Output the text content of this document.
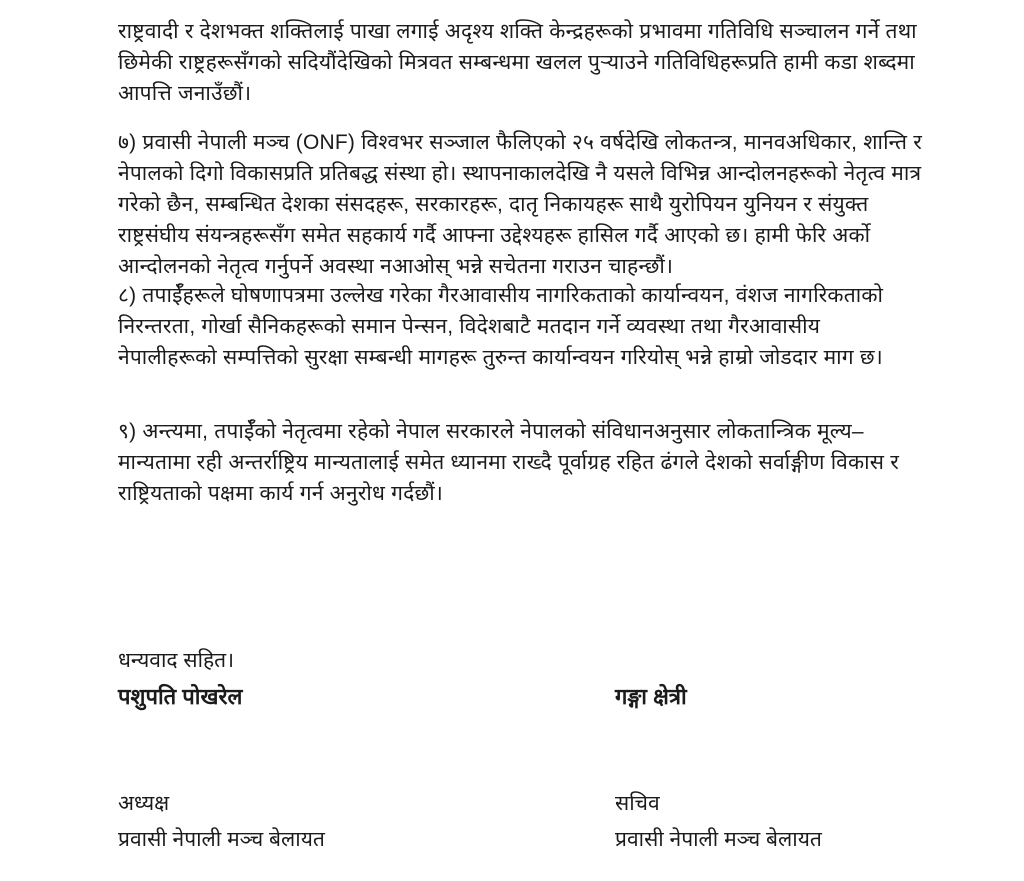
राष्ट्रवादी र देशभक्त शक्तिलाई पाखा लगाई अदृश्य शक्ति केन्द्रहरूको प्रभावमा गतिविधि सञ्चालन गर्ने तथा छिमेकी राष्ट्रहरूसँगको सदियौंदेखिको मित्रवत सम्बन्धमा खलल पुऱ्याउने गतिविधिहरूप्रति हामी कडा शब्दमा आपत्ति जनाउँछौं।

७) प्रवासी नेपाली मञ्च (ONF) विश्वभर सञ्जाल फैलिएको २५ वर्षदेखि लोकतन्त्र, मानवअधिकार, शान्ति र नेपालको दिगो विकासप्रति प्रतिबद्ध संस्था हो। स्थापनाकालदेखि नै यसले विभिन्न आन्दोलनहरूको नेतृत्व मात्र गरेको छैन, सम्बन्धित देशका संसदहरू, सरकारहरू, दातृ निकायहरू साथै युरोपियन युनियन र संयुक्त राष्ट्रसंघीय संयन्त्रहरूसँग समेत सहकार्य गर्दै आफ्ना उद्देश्यहरू हासिल गर्दै आएको छ। हामी फेरि अर्को आन्दोलनको नेतृत्व गर्नुपर्ने अवस्था नआओस् भन्ने सचेतना गराउन चाहन्छौं।

८) तपाईँहरूले घोषणापत्रमा उल्लेख गरेका गैरआवासीय नागरिकताको कार्यान्वयन, वंशज नागरिकताको निरन्तरता, गोर्खा सैनिकहरूको समान पेन्सन, विदेशबाटै मतदान गर्ने व्यवस्था तथा गैरआवासीय नेपालीहरूको सम्पत्तिको सुरक्षा सम्बन्धी मागहरू तुरुन्त कार्यान्वयन गरियोस् भन्ने हाम्रो जोडदार माग छ।

९) अन्त्यमा, तपाईँको नेतृत्वमा रहेको नेपाल सरकारले नेपालको संविधानअनुसार लोकतान्त्रिक मूल्य–मान्यतामा रही अन्तर्राष्ट्रिय मान्यतालाई समेत ध्यानमा राख्दै पूर्वाग्रह रहित ढंगले देशको सर्वाङ्गीण विकास र राष्ट्रियताको पक्षमा कार्य गर्न अनुरोध गर्दछौं।

धन्यवाद सहित।

पशुपति पोखरेल	गङ्गा क्षेत्री
अध्यक्ष
प्रवासी नेपाली मञ्च बेलायत
सचिव
प्रवासी नेपाली मञ्च बेलायत
